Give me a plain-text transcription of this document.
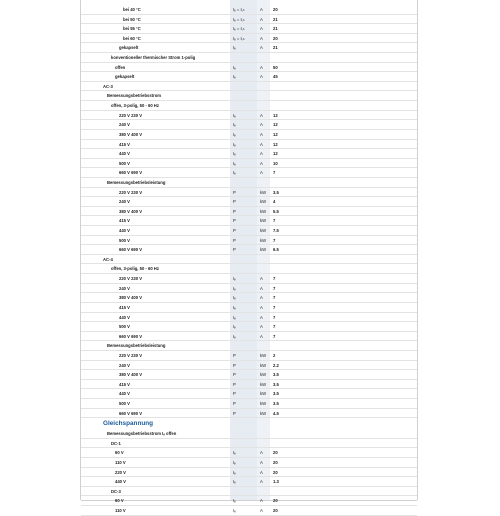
bei 40 °C	Iₑ = Iₜₕ	A 20
bei 50 °C	Iₑ = Iₜₕ	A 21
bei 55 °C	Iₑ = Iₜₕ	A 21
bei 60 °C	Iₑ = Iₜₕ	A 20
gekapselt	Iₑ	A 21
konventioneller thermischer Strom 1-polig
offen	Iₑ	A 50
gekapselt	Iₑ	A 45
AC-3
Bemessungsbetriebsstrom
offen, 3-polig, 50 - 60 Hz
220 V 230 V	Iₑ	A 12
240 V	Iₑ	A 12
380 V 400 V	Iₑ	A 12
415 V	Iₑ	A 12
440 V	Iₑ	A 12
500 V	Iₑ	A 10
660 V 690 V	Iₑ	A 7
Bemessungsbetriebsleistung
220 V 230 V	P	kW 3.5
240 V	P	kW 4
380 V 400 V	P	kW 5.5
415 V	P	kW 7
440 V	P	kW 7.5
500 V	P	kW 7
660 V 690 V	P	kW 6.5
AC-4
offen, 3-polig, 50 - 60 Hz
220 V 230 V	Iₑ	A 7
240 V	Iₑ	A 7
380 V 400 V	Iₑ	A 7
415 V	Iₑ	A 7
440 V	Iₑ	A 7
500 V	Iₑ	A 7
660 V 690 V	Iₑ	A 7
Bemessungsbetriebsleistung
220 V 230 V	P	kW 2
240 V	P	kW 2.2
380 V 400 V	P	kW 3.5
415 V	P	kW 3.5
440 V	P	kW 3.5
500 V	P	kW 3.5
660 V 690 V	P	kW 4.5
Gleichspannung
Bemessungsbetriebsstrom Iₑ offen
DC-1
60 V	Iₑ	A 20
110 V	Iₑ	A 20
220 V	Iₑ	A 20
440 V	Iₑ	A 1.3
DC-3
60 V	Iₑ	A 20
110 V	Iₑ	A 20
